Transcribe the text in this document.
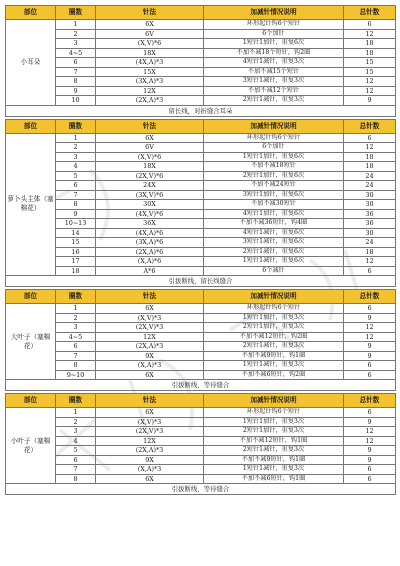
部位	圈数	针法	加减针情况说明	总针数
小耳朵	1	6X	环形起针钩6个短针	6
	2	6V	6个加针	12
	3	(X,V)*6	1短针1加针，重复6次	18
	4~5	18X	不加不减18个短针，钩2圈	18
	6	(4X,A)*3	4短针1减针，重复3次	15
	7	15X	不加不减15个短针	15
	8	(3X,A)*3	3短针1减针，重复3次	12
	9	12X	不加不减12个短针	12
	10	(2X,A)*3	2短针1减针，重复3次	9
留长线，对折缝合耳朵				

部位	圈数	针法	加减针情况说明	总针数
萝卜头主体（塞棉花）	1	6X	环形起针钩6个短针	6
	2	6V	6个加针	12
	3	(X,V)*6	1短针1加针，重复6次	18
	4	18X	不加不减18短针	18
	5	(2X,V)*6	2短针1加针，重复6次	24
	6	24X	不加不减24短针	24
	7	(3X,V)*6	3短针1加针，重复6次	30
	8	30X	不加不减30短针	30
	9	(4X,V)*6	4短针1加针，重复6次	36
	10~13	36X	不加不减36短针，钩4圈	36
	14	(4X,A)*6	4短针1减针，重复6次	30
	15	(3X,A)*6	3短针1减针，重复6次	24
	16	(2X,A)*6	2短针1减针，重复6次	18
	17	(X,A)*6	1短针1减针，重复6次	12
	18	A*6	6个减针	6
引拔断线，留长线缝合				

部位	圈数	针法	加减针情况说明	总针数
大叶子（塞棉花）	1	6X	环形起针钩6个短针	6
	2	(X,V)*3	1短针1加针，重复3次	9
	3	(2X,V)*3	2短针1加针，重复3次	12
	4~5	12X	不加不减12短针，钩2圈	12
	6	(2X,A)*3	2短针1减针，重复3次	9
	7	9X	不加不减9短针，钩1圈	9
	8	(X,A)*3	1短针1减针，重复3次	6
	9~10	6X	不加不减6短针，钩2圈	6
引拔断线，等待缝合				

部位	圈数	针法	加减针情况说明	总针数
小叶子（塞棉花）	1	6X	环形起针钩6个短针	6
	2	(X,V)*3	1短针1加针，重复3次	9
	3	(2X,V)*3	2短针1加针，重复3次	12
	4	12X	不加不减12短针，钩1圈	12
	5	(2X,A)*3	2短针1减针，重复3次	9
	6	9X	不加不减9短针，钩1圈	9
	7	(X,A)*3	1短针1减针，重复3次	6
	8	6X	不加不减6短针，钩1圈	6
引拔断线，等待缝合				
